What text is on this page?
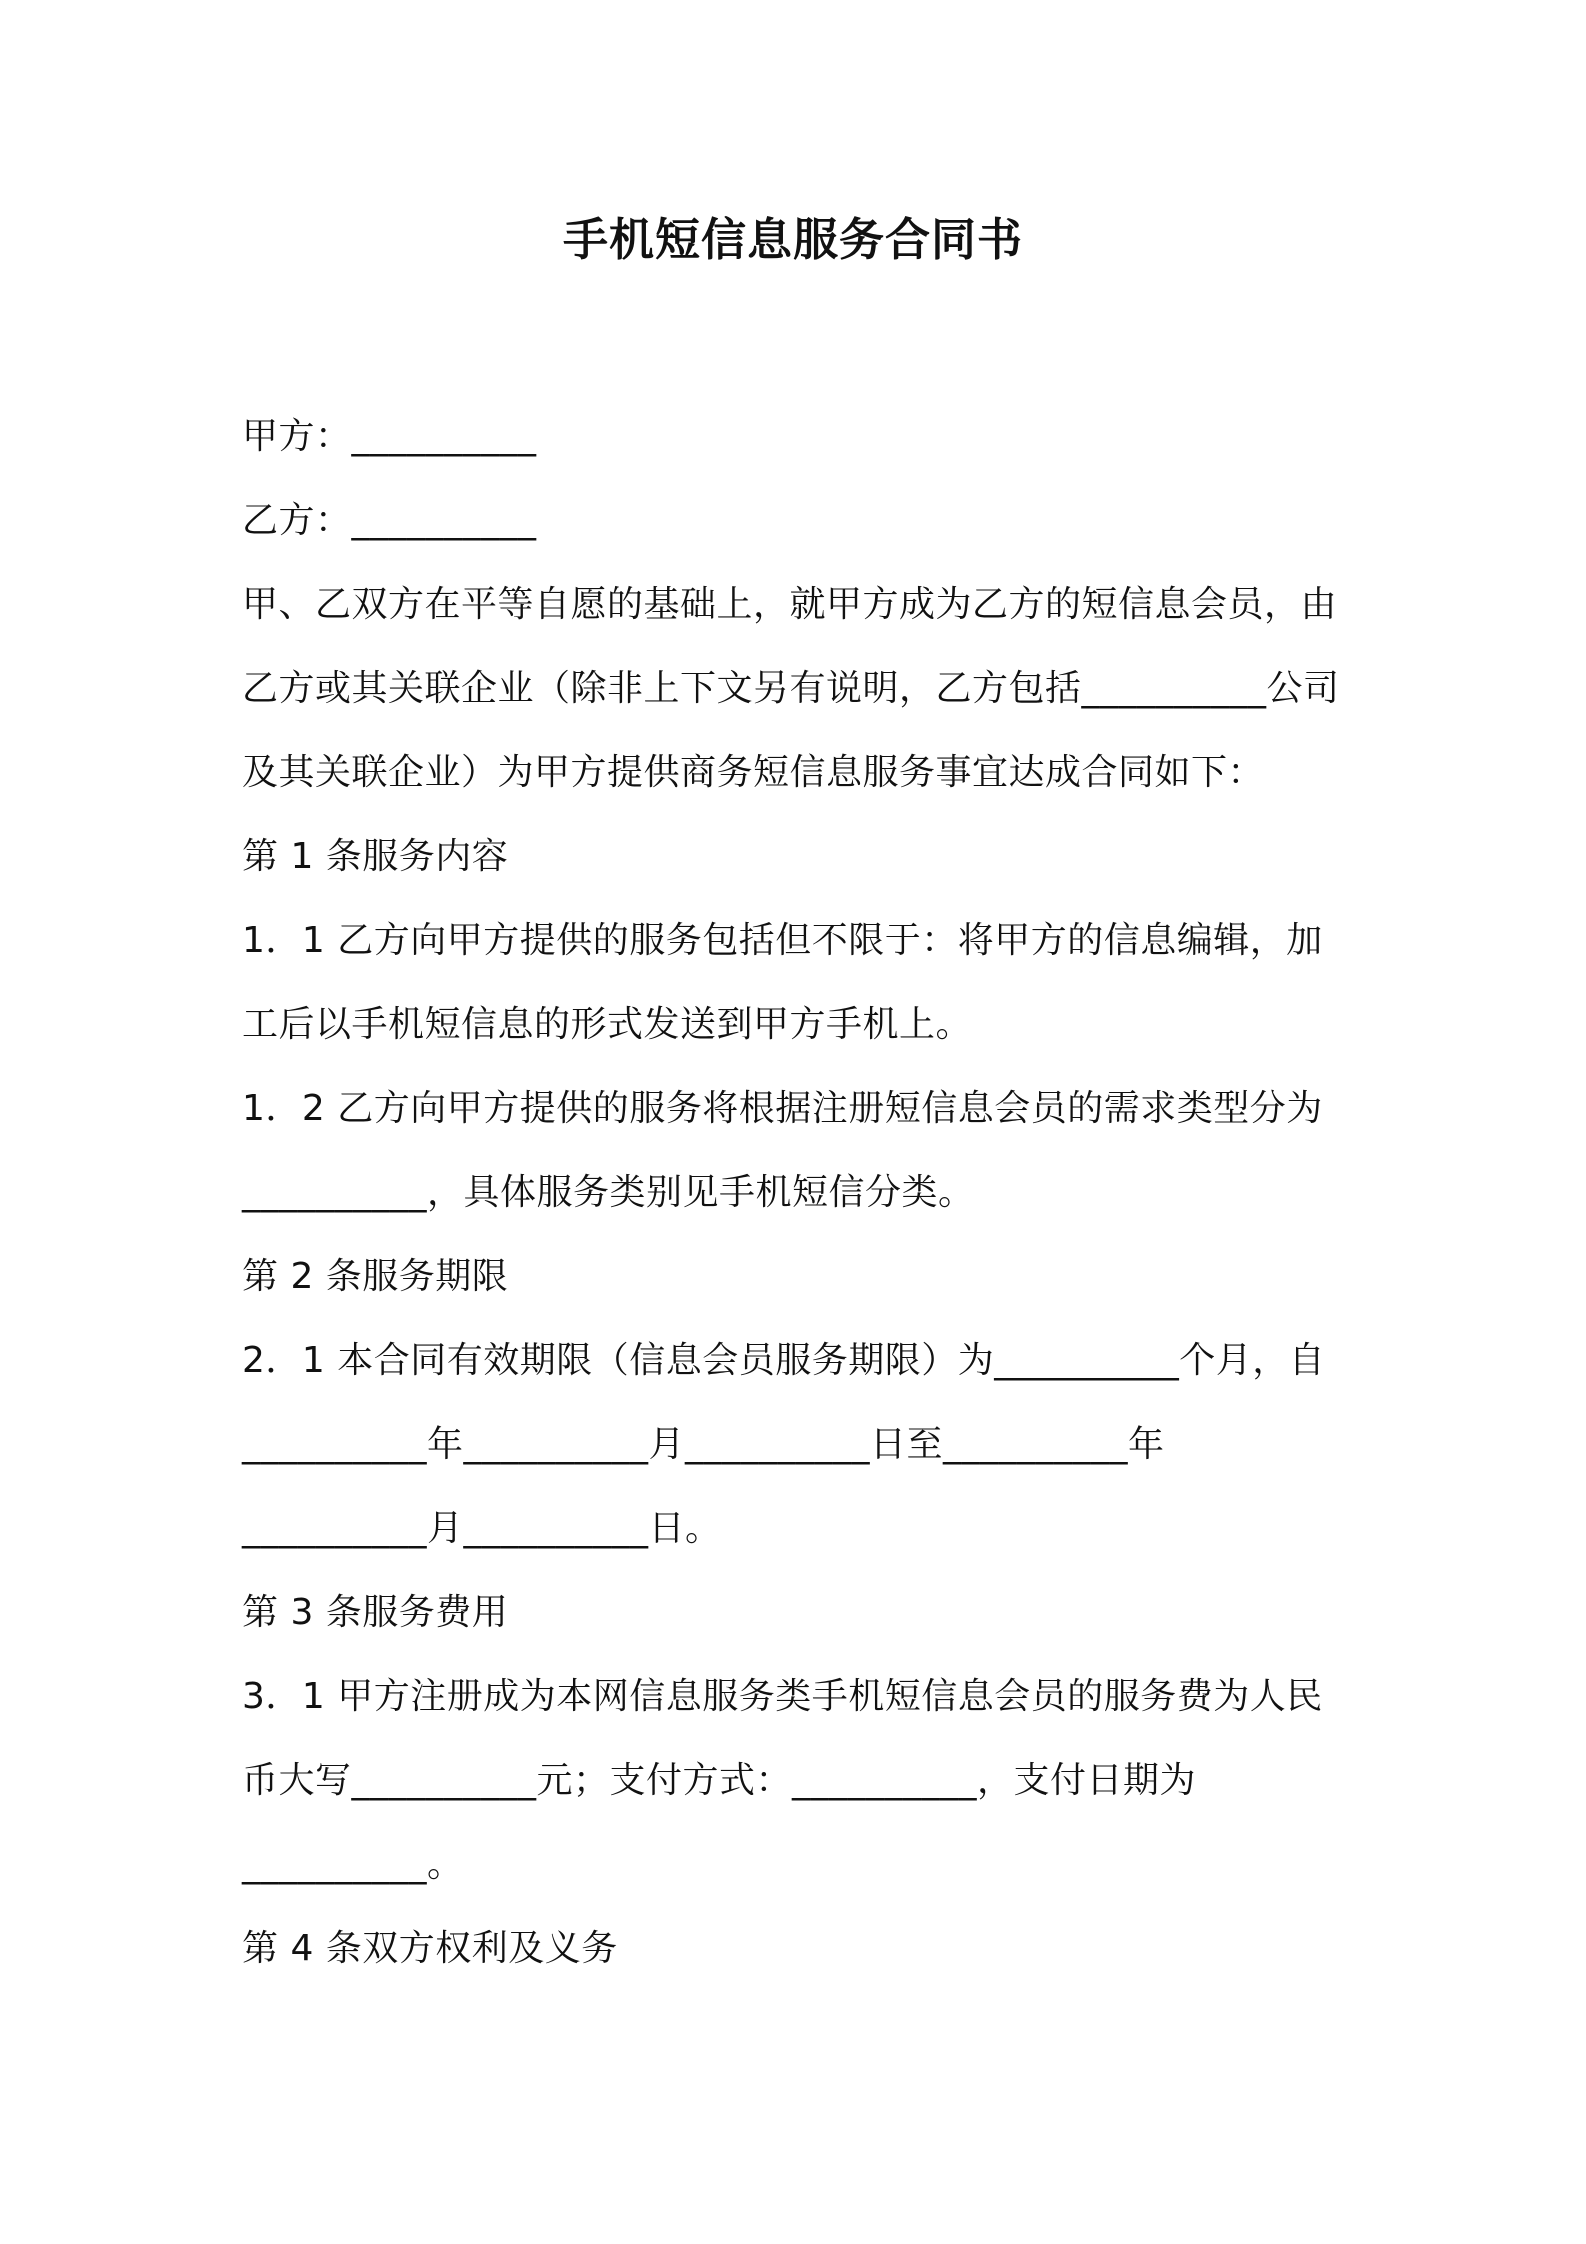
手机短信息服务合同书
甲方：__________
乙方：__________
甲、乙双方在平等自愿的基础上，就甲方成为乙方的短信息会员，由
乙方或其关联企业（除非上下文另有说明，乙方包括__________公司
及其关联企业）为甲方提供商务短信息服务事宜达成合同如下：
第 1 条服务内容
1．1 乙方向甲方提供的服务包括但不限于：将甲方的信息编辑，加
工后以手机短信息的形式发送到甲方手机上。
1．2 乙方向甲方提供的服务将根据注册短信息会员的需求类型分为
__________，具体服务类别见手机短信分类。
第 2 条服务期限
2．1 本合同有效期限（信息会员服务期限）为__________个月，自
__________年__________月__________日至__________年
__________月__________日。
第 3 条服务费用
3．1 甲方注册成为本网信息服务类手机短信息会员的服务费为人民
币大写__________元；支付方式：__________，支付日期为
__________。
第 4 条双方权利及义务
